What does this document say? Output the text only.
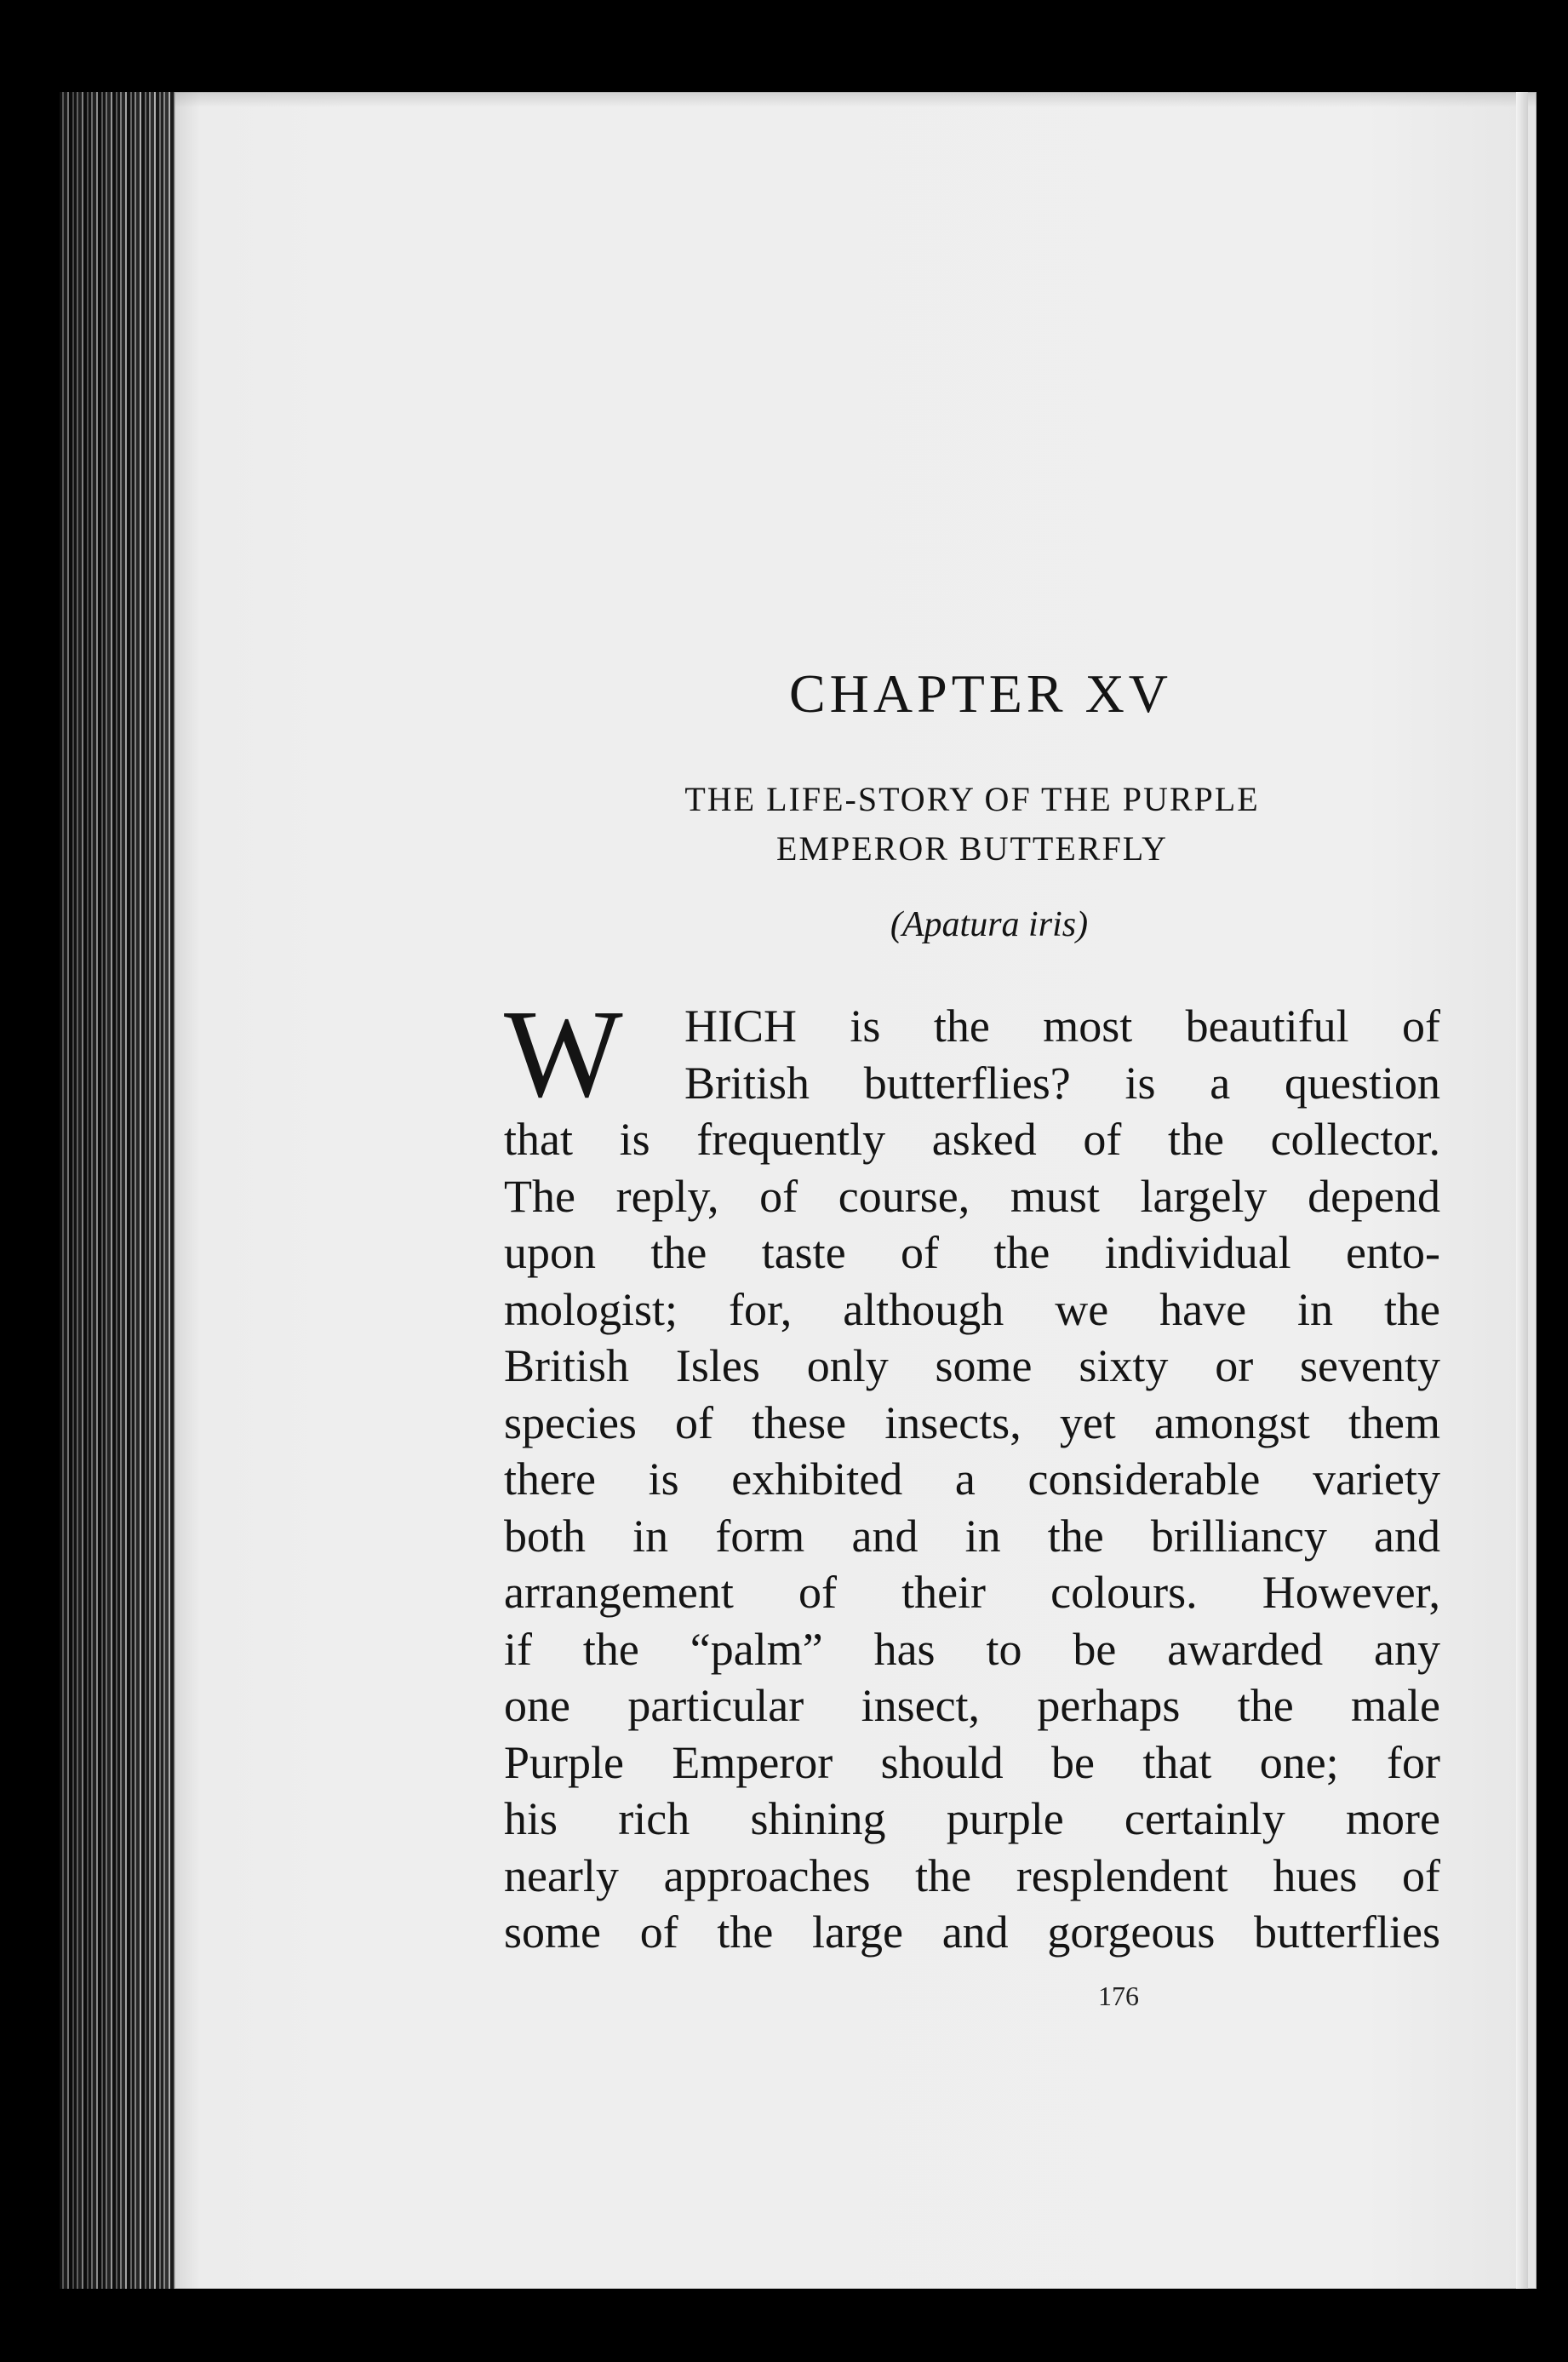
CHAPTER XV
THE LIFE-STORY OF THE PURPLE
EMPEROR BUTTERFLY

(Apatura iris)

W	HICH is the most beautiful of
British butterflies? is a question
that is frequently asked of the collector.
The reply, of course, must largely depend
upon the taste of the individual ento-
mologist; for, although we have in the
British Isles only some sixty or seventy
species of these insects, yet amongst them
there is exhibited a considerable variety
both in form and in the brilliancy and
arrangement of their colours. However,
if the “palm” has to be awarded any
one particular insect, perhaps the male
Purple Emperor should be that one; for
his rich shining purple certainly more
nearly approaches the resplendent hues of
some of the large and gorgeous butterflies
176
